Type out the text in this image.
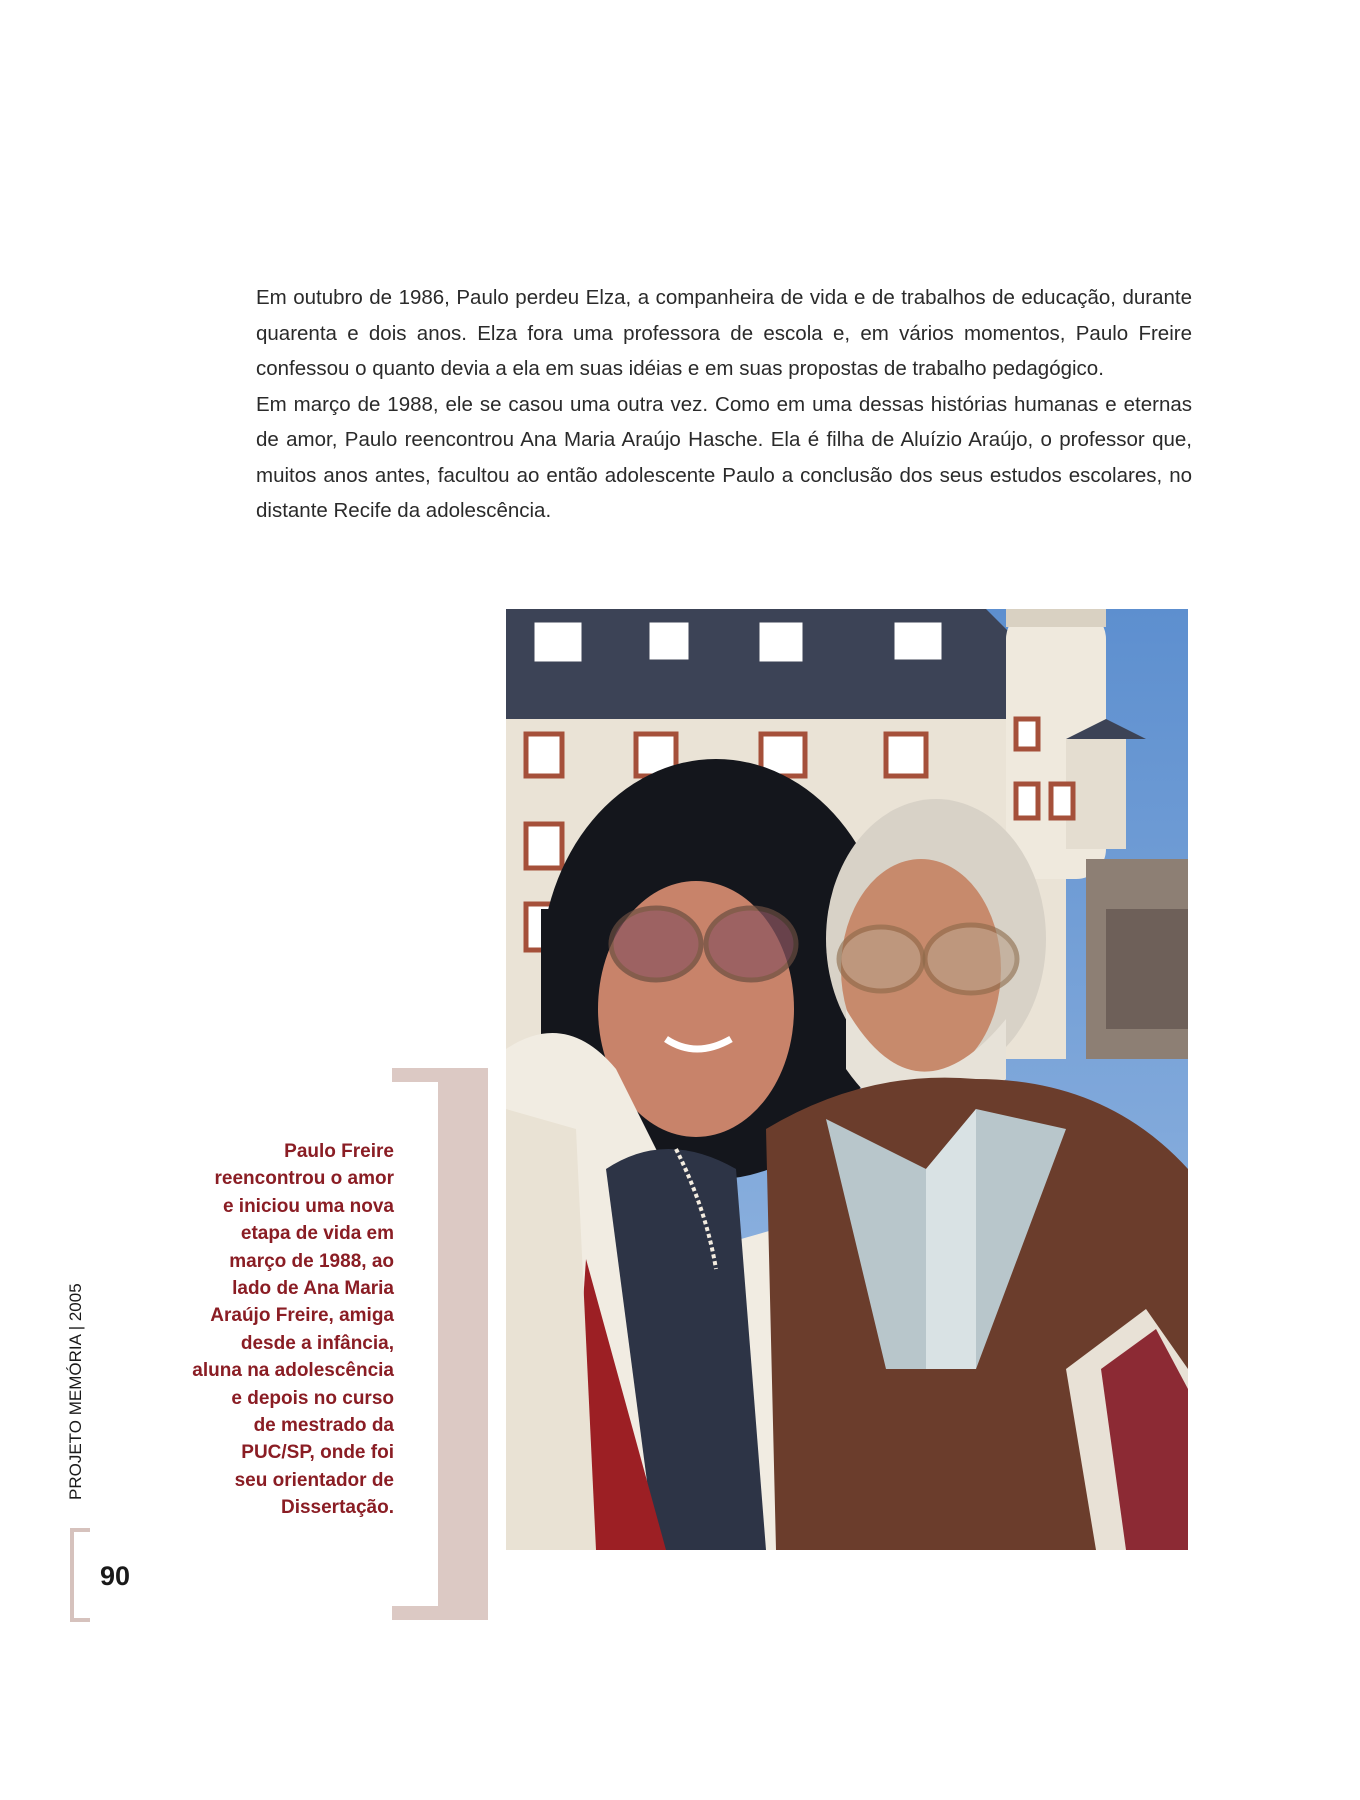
Em outubro de 1986, Paulo perdeu Elza, a companheira de vida e de trabalhos de educação, durante quarenta e dois anos. Elza fora uma professora de escola e, em vários momentos, Paulo Freire confessou o quanto devia a ela em suas idéias e em suas propostas de trabalho pedagógico.

Em março de 1988, ele se casou uma outra vez. Como em uma dessas histórias humanas e eternas de amor, Paulo reencontrou Ana Maria Araújo Hasche. Ela é filha de Aluízio Araújo, o professor que, muitos anos antes, facultou ao então adolescente Paulo a conclusão dos seus estudos escolares, no distante Recife da adolescência.

Paulo Freire
reencontrou o amor
e iniciou uma nova
etapa de vida em
março de 1988, ao
lado de Ana Maria
Araújo Freire, amiga
desde a infância,
aluna na adolescência
e depois no curso
de mestrado da
PUC/SP, onde foi
seu orientador de
Dissertação.
PROJETO MEMÓRIA | 2005
90
